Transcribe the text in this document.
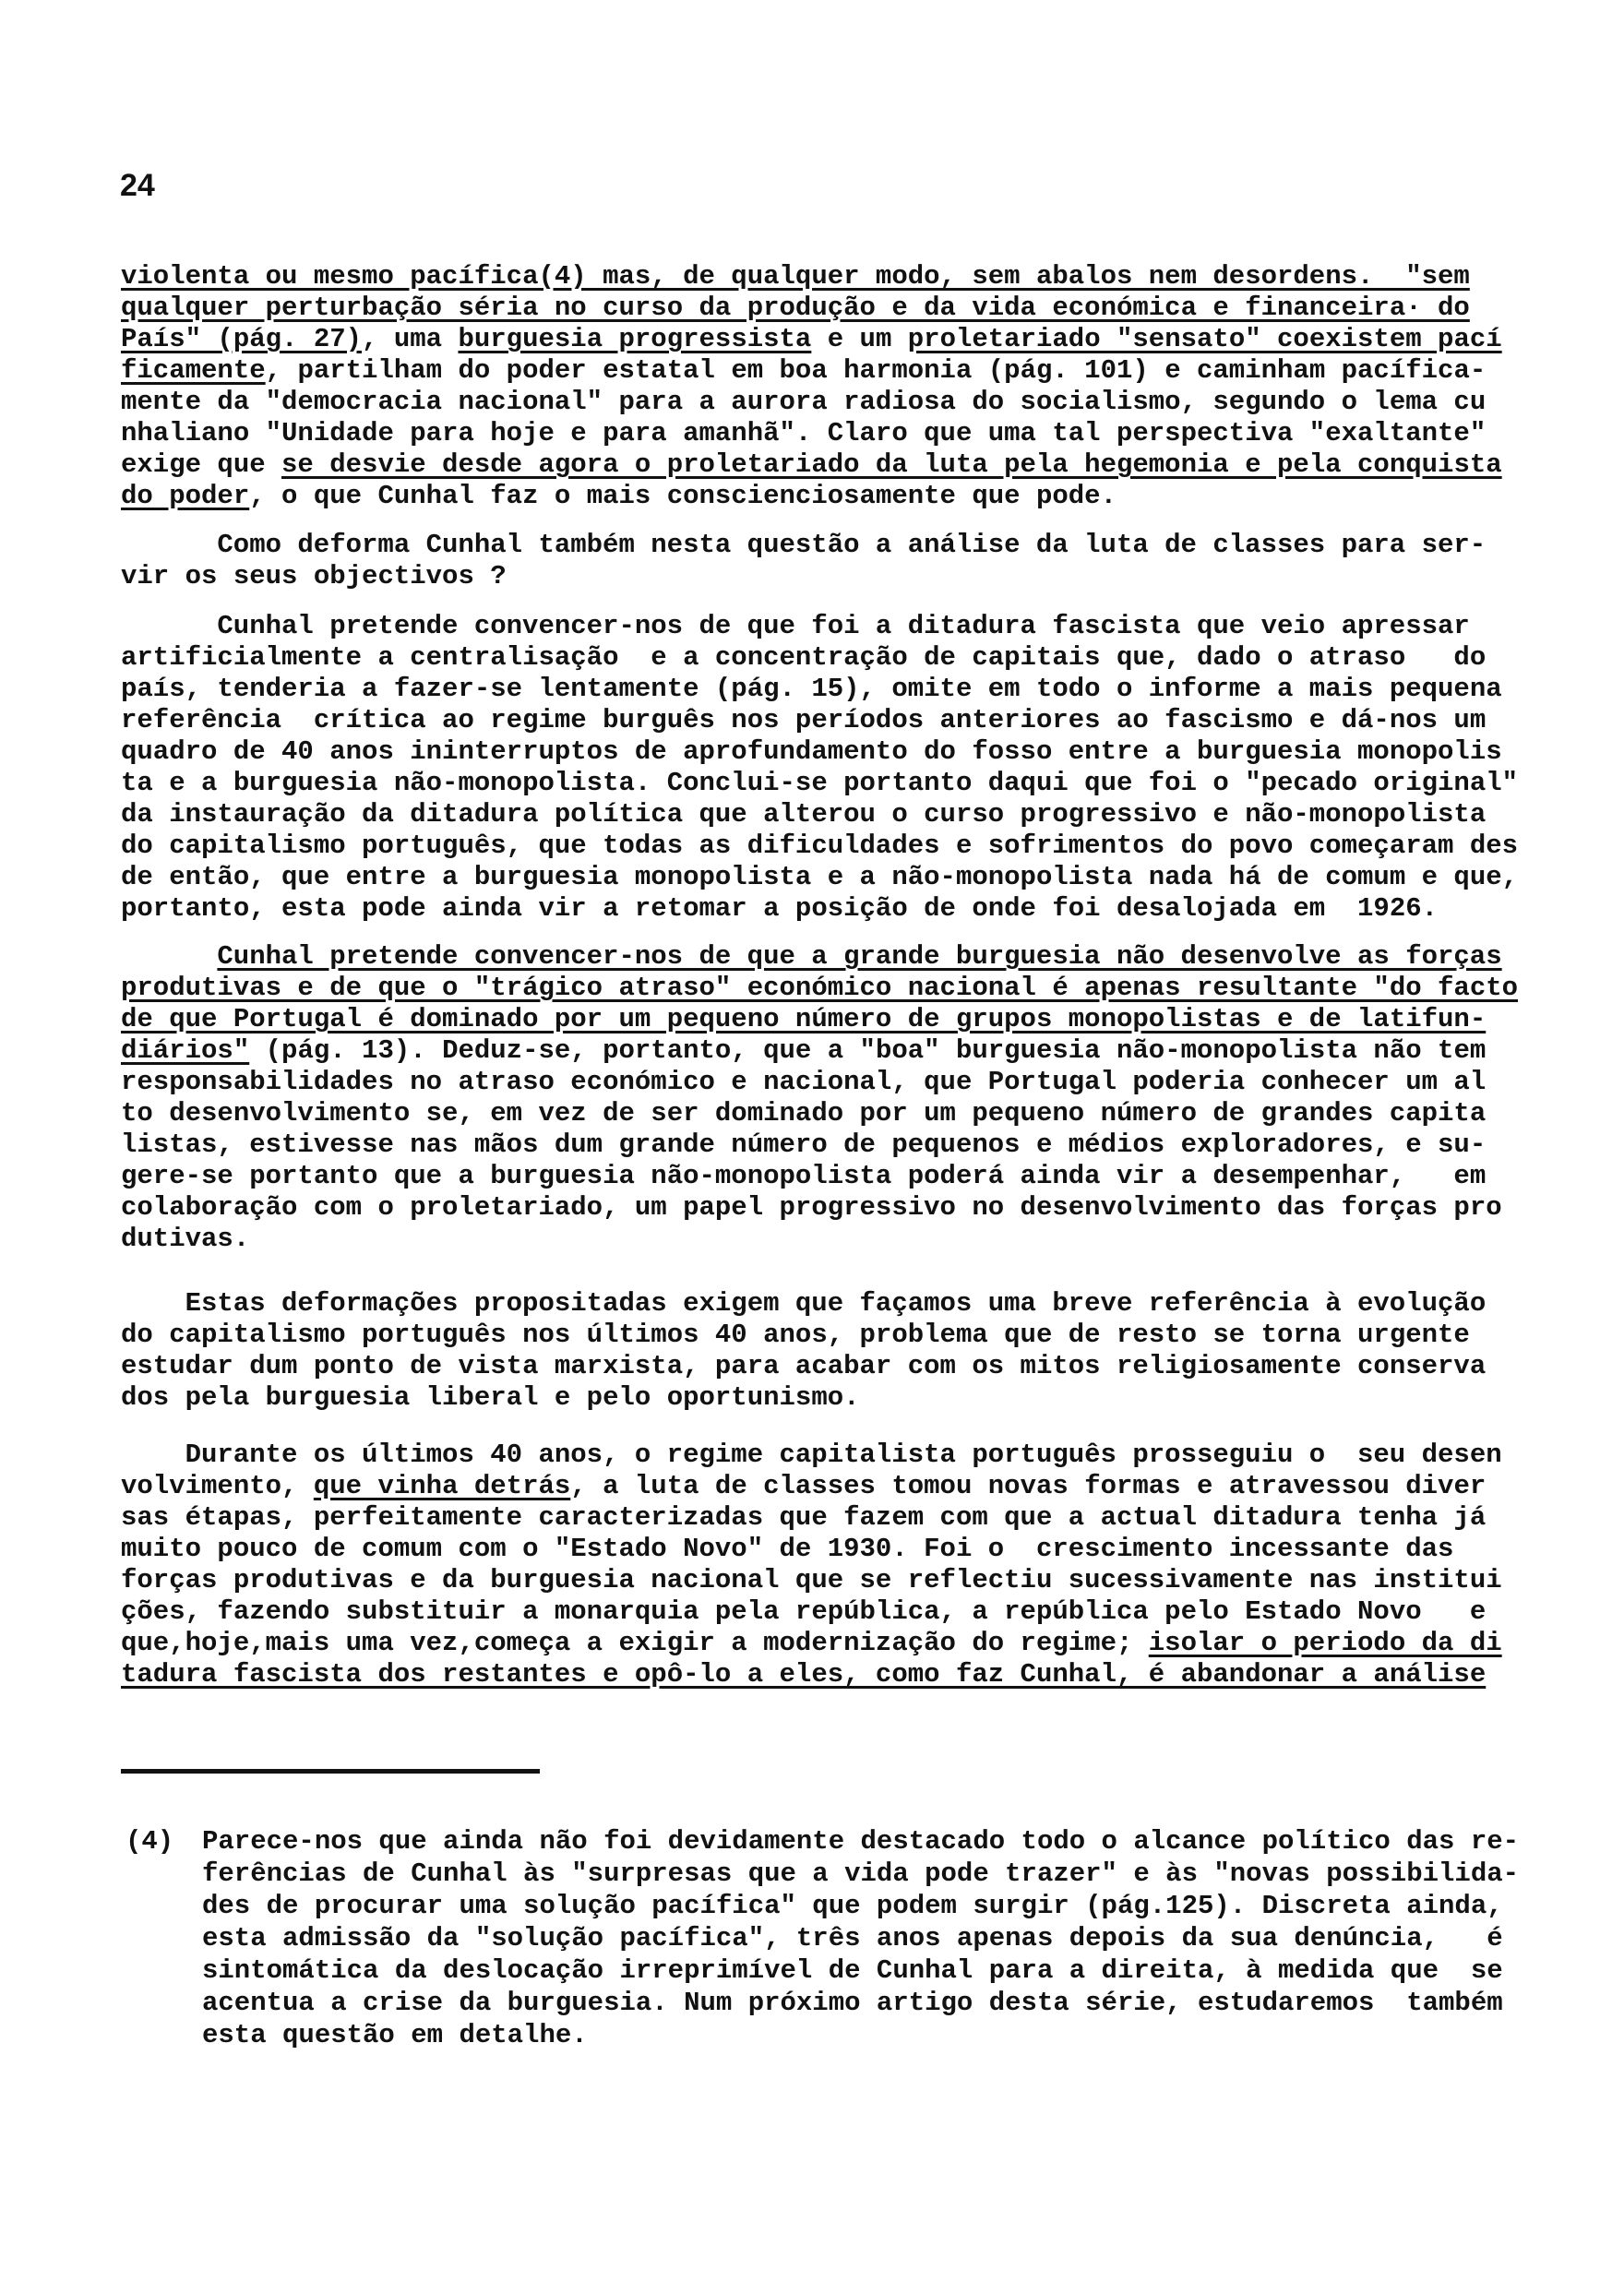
24
violenta ou mesmo pacífica(4) mas, de qualquer modo, sem abalos nem desordens.  "sem
qualquer perturbação séria no curso da produção e da vida económica e financeira· do
País" (pág. 27), uma burguesia progressista e um proletariado "sensato" coexistem pací
ficamente, partilham do poder estatal em boa harmonia (pág. 101) e caminham pacífica-
mente da "democracia nacional" para a aurora radiosa do socialismo, segundo o lema cu
nhaliano "Unidade para hoje e para amanhã". Claro que uma tal perspectiva "exaltante"
exige que se desvie desde agora o proletariado da luta pela hegemonia e pela conquista
do poder, o que Cunhal faz o mais conscienciosamente que pode.
Como deforma Cunhal também nesta questão a análise da luta de classes para ser-
vir os seus objectivos ?
Cunhal pretende convencer-nos de que foi a ditadura fascista que veio apressar
artificialmente a centralisação  e a concentração de capitais que, dado o atraso   do
país, tenderia a fazer-se lentamente (pág. 15), omite em todo o informe a mais pequena
referência  crítica ao regime burguês nos períodos anteriores ao fascismo e dá-nos um
quadro de 40 anos ininterruptos de aprofundamento do fosso entre a burguesia monopolis
ta e a burguesia não-monopolista. Conclui-se portanto daqui que foi o "pecado original"
da instauração da ditadura política que alterou o curso progressivo e não-monopolista
do capitalismo português, que todas as dificuldades e sofrimentos do povo começaram des
de então, que entre a burguesia monopolista e a não-monopolista nada há de comum e que,
portanto, esta pode ainda vir a retomar a posição de onde foi desalojada em  1926.
Cunhal pretende convencer-nos de que a grande burguesia não desenvolve as forças
produtivas e de que o "trágico atraso" económico nacional é apenas resultante "do facto
de que Portugal é dominado por um pequeno número de grupos monopolistas e de latifun-
diários" (pág. 13). Deduz-se, portanto, que a "boa" burguesia não-monopolista não tem
responsabilidades no atraso económico e nacional, que Portugal poderia conhecer um al
to desenvolvimento se, em vez de ser dominado por um pequeno número de grandes capita
listas, estivesse nas mãos dum grande número de pequenos e médios exploradores, e su-
gere-se portanto que a burguesia não-monopolista poderá ainda vir a desempenhar,   em
colaboração com o proletariado, um papel progressivo no desenvolvimento das forças pro
dutivas.
Estas deformações propositadas exigem que façamos uma breve referência à evolução
do capitalismo português nos últimos 40 anos, problema que de resto se torna urgente
estudar dum ponto de vista marxista, para acabar com os mitos religiosamente conserva
dos pela burguesia liberal e pelo oportunismo.
Durante os últimos 40 anos, o regime capitalista português prosseguiu o  seu desen
volvimento, que vinha detrás, a luta de classes tomou novas formas e atravessou diver
sas étapas, perfeitamente caracterizadas que fazem com que a actual ditadura tenha já
muito pouco de comum com o "Estado Novo" de 1930. Foi o  crescimento incessante das
forças produtivas e da burguesia nacional que se reflectiu sucessivamente nas institui
ções, fazendo substituir a monarquia pela república, a república pelo Estado Novo   e
que,hoje,mais uma vez,começa a exigir a modernização do regime; isolar o periodo da di
tadura fascista dos restantes e opô-lo a eles, como faz Cunhal, é abandonar a análise
(4) Parece-nos que ainda não foi devidamente destacado todo o alcance político das re-
ferências de Cunhal às "surpresas que a vida pode trazer" e às "novas possibilida-
des de procurar uma solução pacífica" que podem surgir (pág.125). Discreta ainda,
esta admissão da "solução pacífica", três anos apenas depois da sua denúncia,   é
sintomática da deslocação irreprimível de Cunhal para a direita, à medida que  se
acentua a crise da burguesia. Num próximo artigo desta série, estudaremos  também
esta questão em detalhe.
